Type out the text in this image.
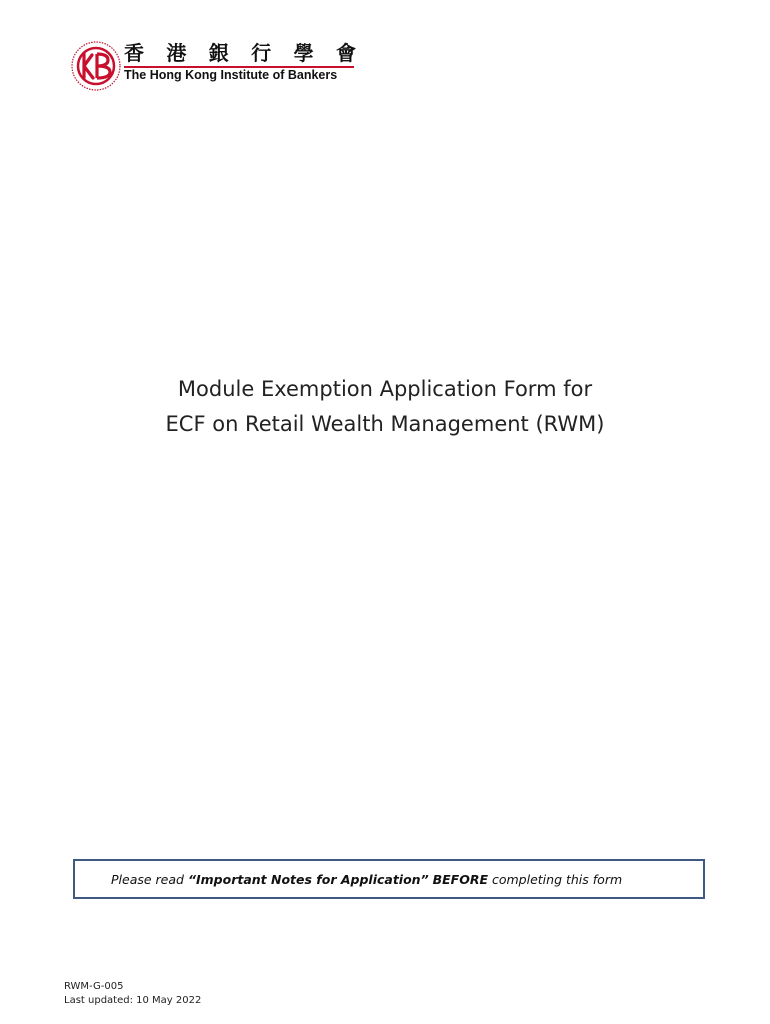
香 港 銀 行 學 會
The Hong Kong Institute of Bankers
Module Exemption Application Form for
ECF on Retail Wealth Management (RWM)
Please read “Important Notes for Application” BEFORE completing this form
RWM-G-005
Last updated: 10 May 2022
